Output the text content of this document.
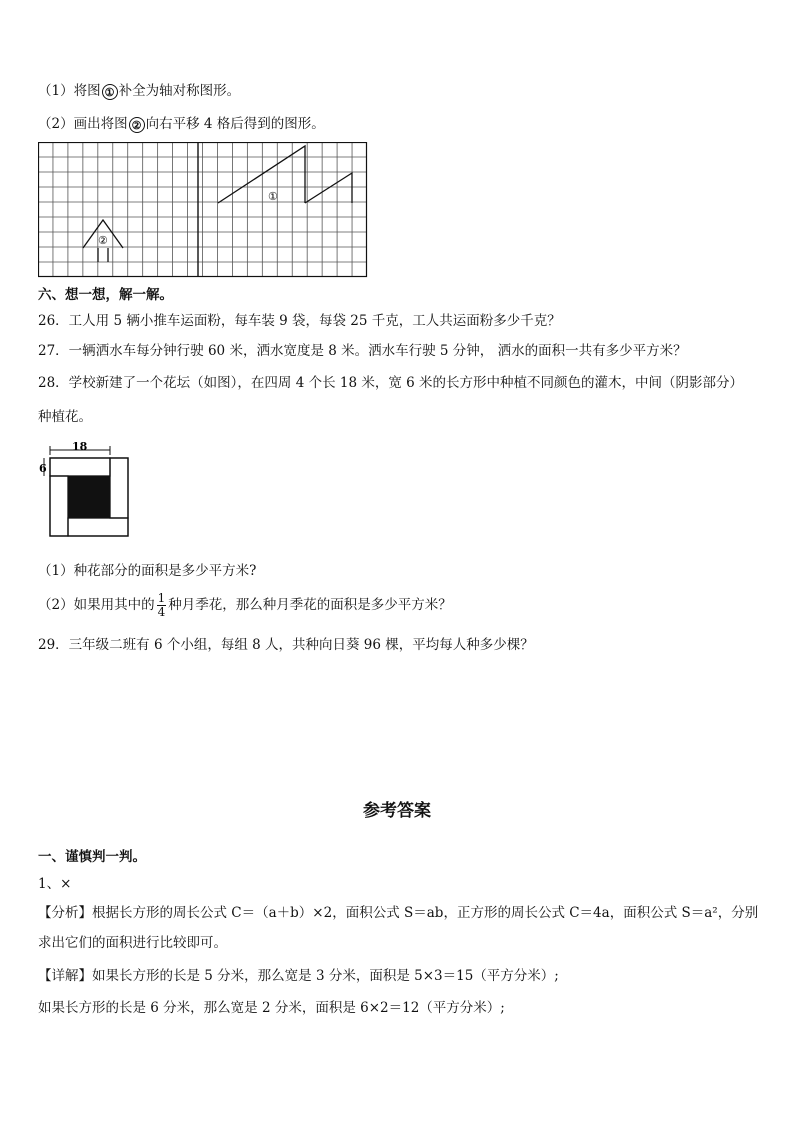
（1）将图 ① 补全为轴对称图形。
（2）画出将图 ② 向右平移 4 格后得到的图形。
①
②
六、想一想，解一解。
26．工人用 5 辆小推车运面粉，每车装 9 袋，每袋 25 千克，工人共运面粉多少千克？
27．一辆洒水车每分钟行驶 60 米，洒水宽度是 8 米。洒水车行驶 5 分钟， 洒水的面积一共有多少平方米？
28．学校新建了一个花坛（如图），在四周 4 个长 18 米，宽 6 米的长方形中种植不同颜色的灌木，中间（阴影部分）
种植花。
18
6
（1）种花部分的面积是多少平方米?
（2）如果用其中的 $\frac{1}{4}$ 种月季花，那么种月季花的面积是多少平方米？
29．三年级二班有 6 个小组，每组 8 人，共种向日葵 96 棵，平均每人种多少棵？
参考答案
一、谨慎判一判。
1、×
【分析】根据长方形的周长公式 C＝（a＋b）×2，面积公式 S＝ab，正方形的周长公式 C＝4a，面积公式 S＝a²，分别
求出它们的面积进行比较即可。
【详解】如果长方形的长是 5 分米，那么宽是 3 分米，面积是 5×3＝15（平方分米）;
如果长方形的长是 6 分米，那么宽是 2 分米，面积是 6×2＝12（平方分米）;
